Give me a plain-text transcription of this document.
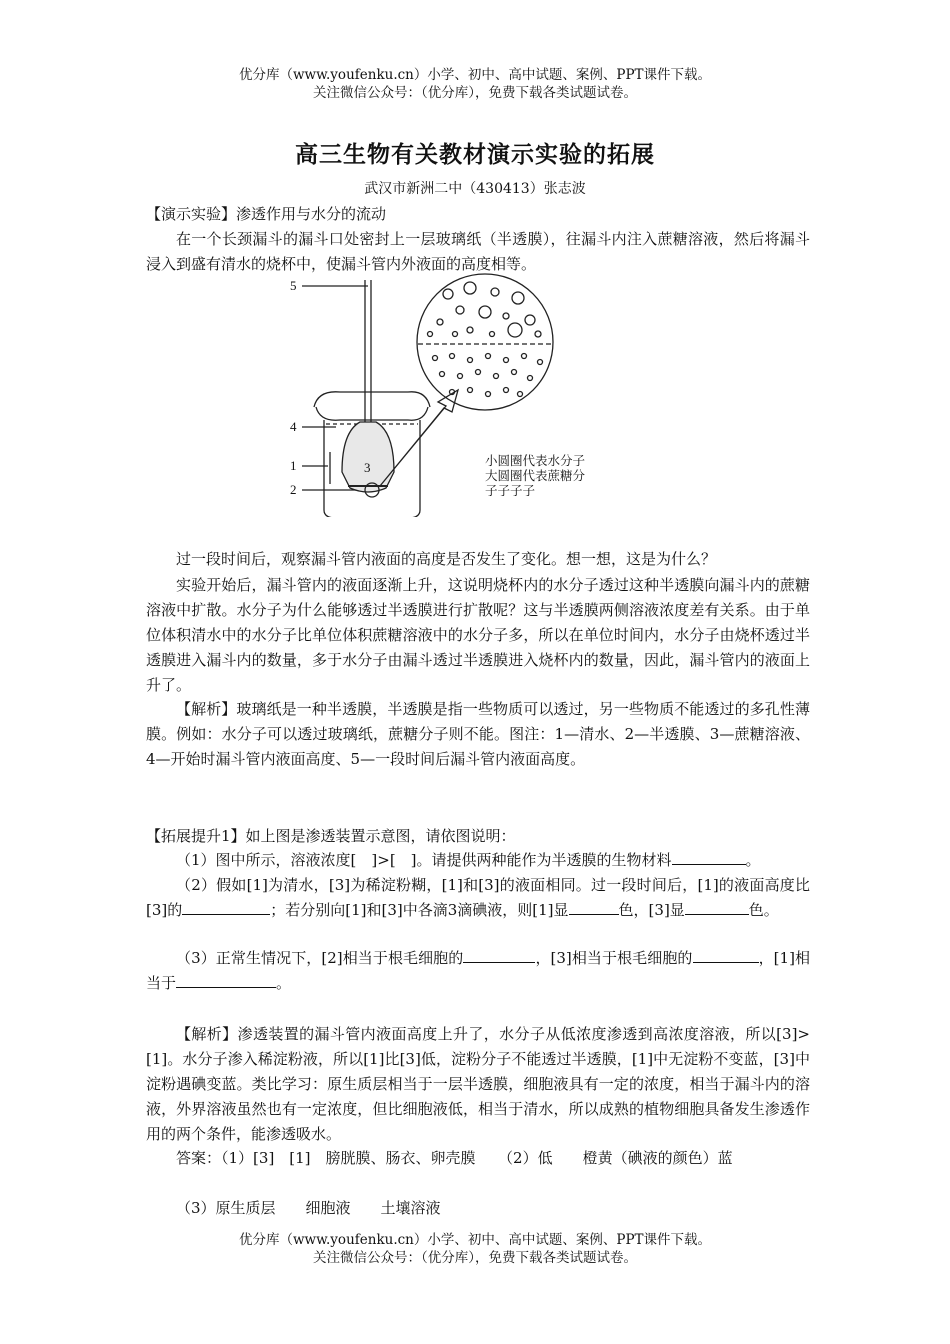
优分库（www.youfenku.cn）小学、初中、高中试题、案例、PPT课件下载。
关注微信公众号：（优分库），免费下载各类试题试卷。
高三生物有关教材演示实验的拓展
武汉市新洲二中（430413）张志波

【演示实验】渗透作用与水分的流动

在一个长颈漏斗的漏斗口处密封上一层玻璃纸（半透膜），往漏斗内注入蔗糖溶液，然后将漏斗浸入到盛有清水的烧杯中，使漏斗管内外液面的高度相等。

5
4
1
2
3	小圆圈代表水分子
大圆圈代表蔗糖分
子子子子

过一段时间后，观察漏斗管内液面的高度是否发生了变化。想一想，这是为什么？

实验开始后，漏斗管内的液面逐渐上升，这说明烧杯内的水分子透过这种半透膜向漏斗内的蔗糖溶液中扩散。水分子为什么能够透过半透膜进行扩散呢？这与半透膜两侧溶液浓度差有关系。由于单位体积清水中的水分子比单位体积蔗糖溶液中的水分子多，所以在单位时间内，水分子由烧杯透过半透膜进入漏斗内的数量，多于水分子由漏斗透过半透膜进入烧杯内的数量，因此，漏斗管内的液面上升了。

【解析】玻璃纸是一种半透膜，半透膜是指一些物质可以透过，另一些物质不能透过的多孔性薄膜。例如：水分子可以透过玻璃纸，蔗糖分子则不能。图注：1—清水、2—半透膜、3—蔗糖溶液、4—开始时漏斗管内液面高度、5—一段时间后漏斗管内液面高度。

【拓展提升1】如上图是渗透装置示意图，请依图说明：

（1）图中所示，溶液浓度[　]>[　]。请提供两种能作为半透膜的生物材料	。

（2）假如[1]为清水，[3]为稀淀粉糊，[1]和[3]的液面相同。过一段时间后，[1]的液面高度比[3]的	；若分别向[1]和[3]中各滴3滴碘液，则[1]显	色，[3]显	色。

（3）正常生情况下，[2]相当于根毛细胞的	，[3]相当于根毛细胞的	，[1]相当于	。

【解析】渗透装置的漏斗管内液面高度上升了，水分子从低浓度渗透到高浓度溶液，所以[3]>[1]。水分子渗入稀淀粉液，所以[1]比[3]低，淀粉分子不能透过半透膜，[1]中无淀粉不变蓝，[3]中淀粉遇碘变蓝。类比学习：原生质层相当于一层半透膜，细胞液具有一定的浓度，相当于漏斗内的溶液，外界溶液虽然也有一定浓度，但比细胞液低，相当于清水，所以成熟的植物细胞具备发生渗透作用的两个条件，能渗透吸水。

答案：（1）[3]　[1]　膀胱膜、肠衣、卵壳膜　　（2）低　　橙黄（碘液的颜色）蓝

（3）原生质层　　细胞液　　土壤溶液

优分库（www.youfenku.cn）小学、初中、高中试题、案例、PPT课件下载。
关注微信公众号：（优分库），免费下载各类试题试卷。
